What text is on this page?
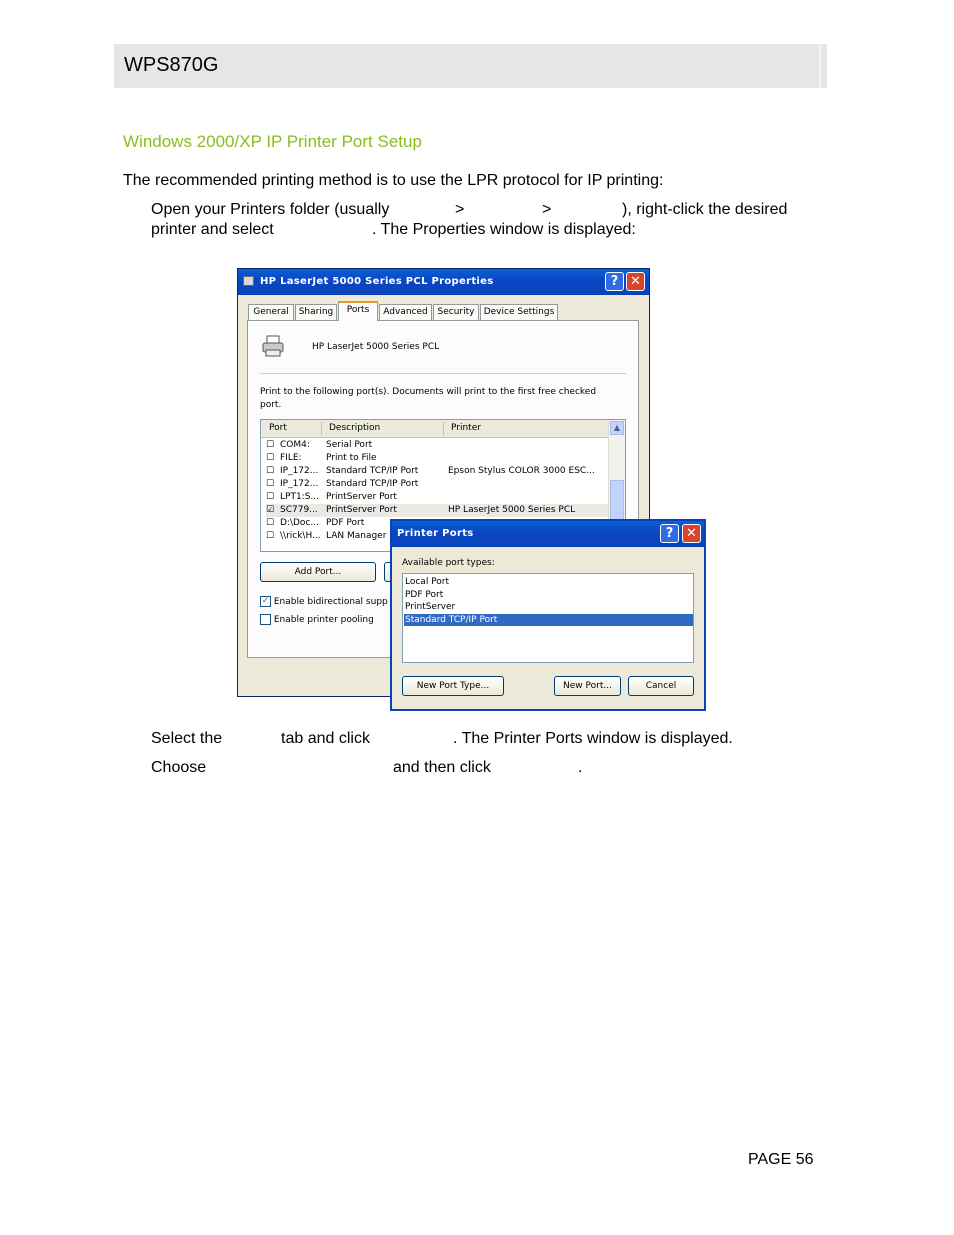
WPS870G
Windows 2000/XP IP Printer Port Setup
The recommended printing method is to use the LPR protocol for IP printing:
Open your Printers folder (usually	>	>	), right-click the desired
printer and select	. The Properties window is displayed:
HP LaserJet 5000 Series PCL Properties	? ✕
General	Sharing	Ports	Advanced	Security	Device Settings
HP LaserJet 5000 Series PCL
Print to the following port(s). Documents will print to the first free checked
port.
Port	Description	Printer
☐ COM4: Serial Port
☐ FILE:	Print to File
☐ IP_172... Standard TCP/IP Port	Epson Stylus COLOR 3000 ESC...
☐ IP_172... Standard TCP/IP Port
☐ LPT1:S... PrintServer Port
☑ SC779... PrintServer Port	HP LaserJet 5000 Series PCL
☐ D:\Doc... PDF Port
☐ \\rick\H... LAN Manager
▲
Add Port...
✓ Enable bidirectional supp
Enable printer pooling
Printer Ports	? ✕
Available port types:
Local Port
PDF Port
PrintServer
Standard TCP/IP Port
New Port Type...	New Port...	Cancel
Select the	tab and click	. The Printer Ports window is displayed.
Choose	and then click	.
PAGE 56
